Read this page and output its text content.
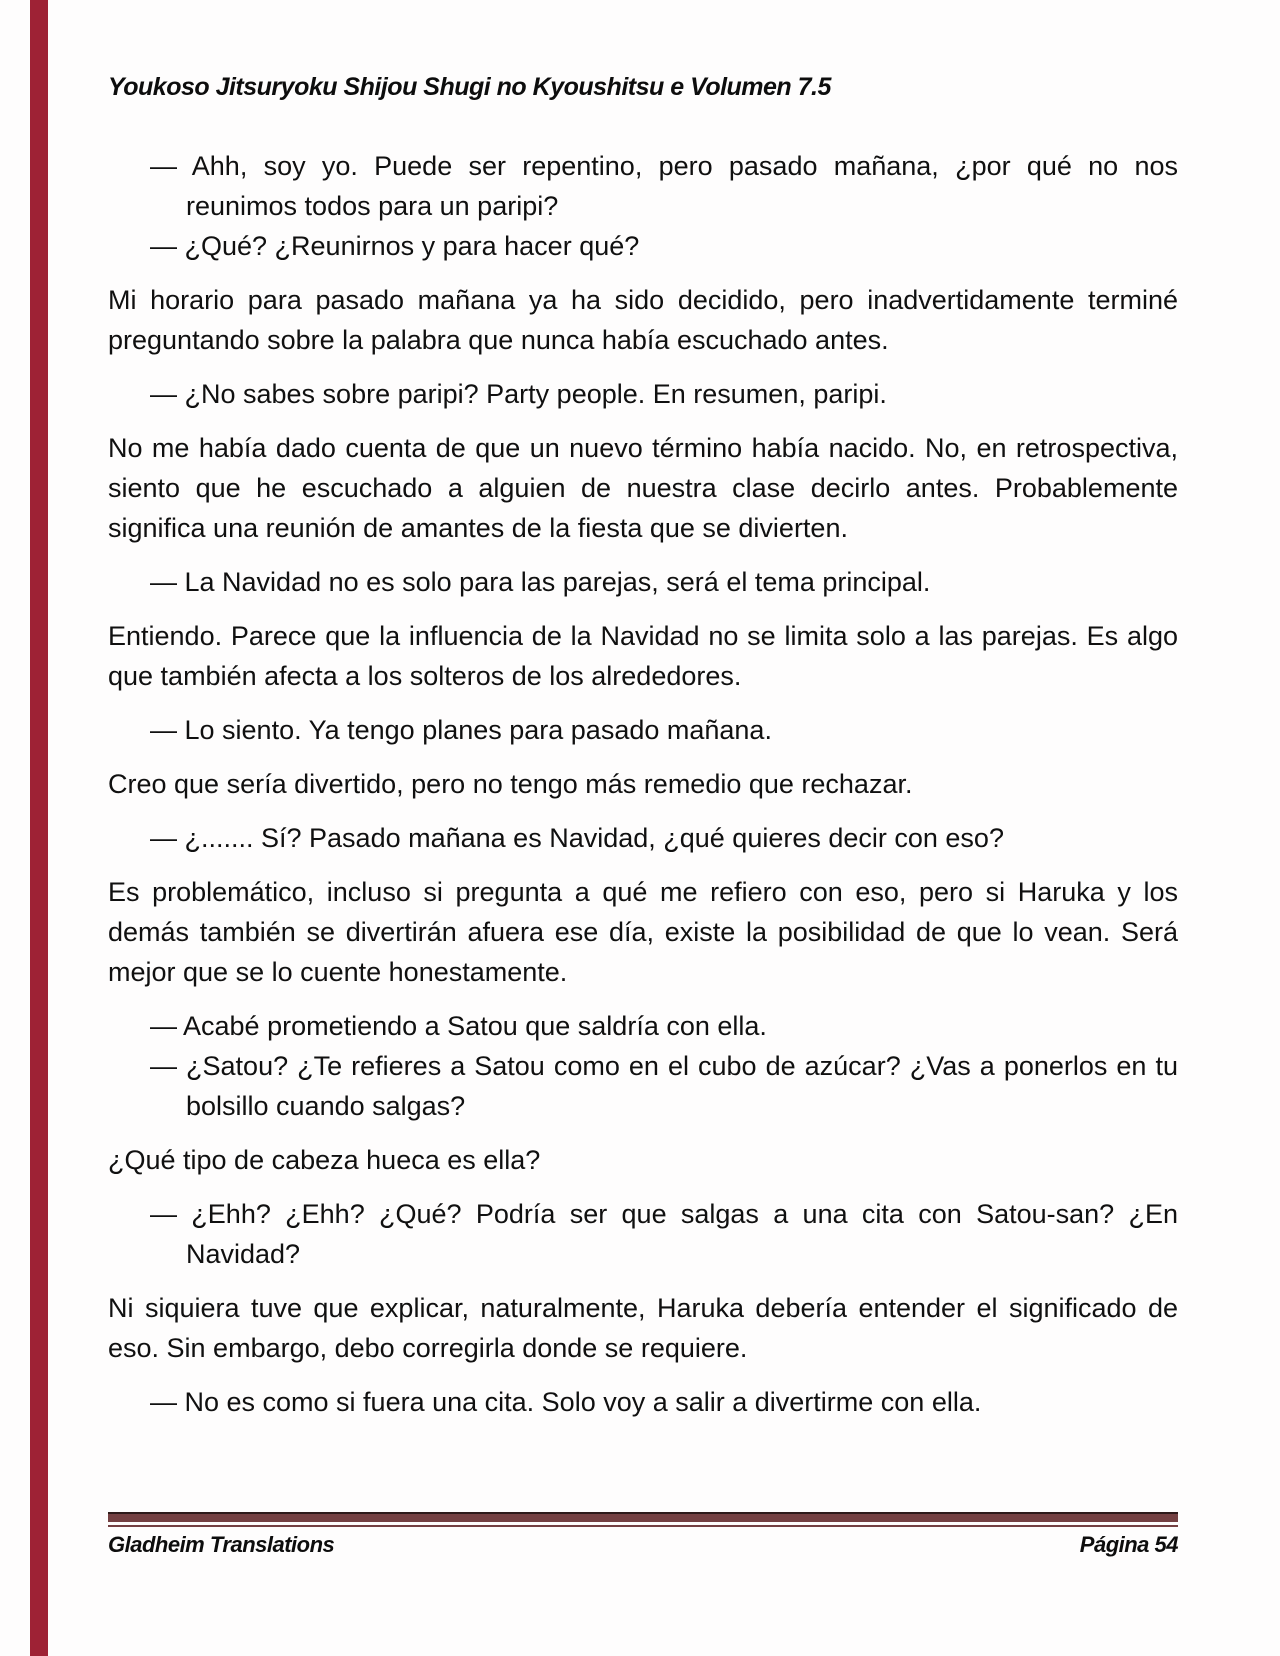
Youkoso Jitsuryoku Shijou Shugi no Kyoushitsu e Volumen 7.5

— Ahh, soy yo. Puede ser repentino, pero pasado mañana, ¿por qué no nos reunimos todos para un paripi?

— ¿Qué? ¿Reunirnos y para hacer qué?

Mi horario para pasado mañana ya ha sido decidido, pero inadvertidamente terminé preguntando sobre la palabra que nunca había escuchado antes.

— ¿No sabes sobre paripi? Party people. En resumen, paripi.

No me había dado cuenta de que un nuevo término había nacido. No, en retrospectiva, siento que he escuchado a alguien de nuestra clase decirlo antes. Probablemente significa una reunión de amantes de la fiesta que se divierten.

— La Navidad no es solo para las parejas, será el tema principal.

Entiendo. Parece que la influencia de la Navidad no se limita solo a las parejas. Es algo que también afecta a los solteros de los alrededores.

— Lo siento. Ya tengo planes para pasado mañana.

Creo que sería divertido, pero no tengo más remedio que rechazar.

— ¿....... Sí? Pasado mañana es Navidad, ¿qué quieres decir con eso?

Es problemático, incluso si pregunta a qué me refiero con eso, pero si Haruka y los demás también se divertirán afuera ese día, existe la posibilidad de que lo vean. Será mejor que se lo cuente honestamente.

— Acabé prometiendo a Satou que saldría con ella.

— ¿Satou? ¿Te refieres a Satou como en el cubo de azúcar? ¿Vas a ponerlos en tu bolsillo cuando salgas?

¿Qué tipo de cabeza hueca es ella?

— ¿Ehh? ¿Ehh? ¿Qué? Podría ser que salgas a una cita con Satou-san? ¿En Navidad?

Ni siquiera tuve que explicar, naturalmente, Haruka debería entender el significado de eso. Sin embargo, debo corregirla donde se requiere.

— No es como si fuera una cita. Solo voy a salir a divertirme con ella.

Gladheim Translations	Página 54
